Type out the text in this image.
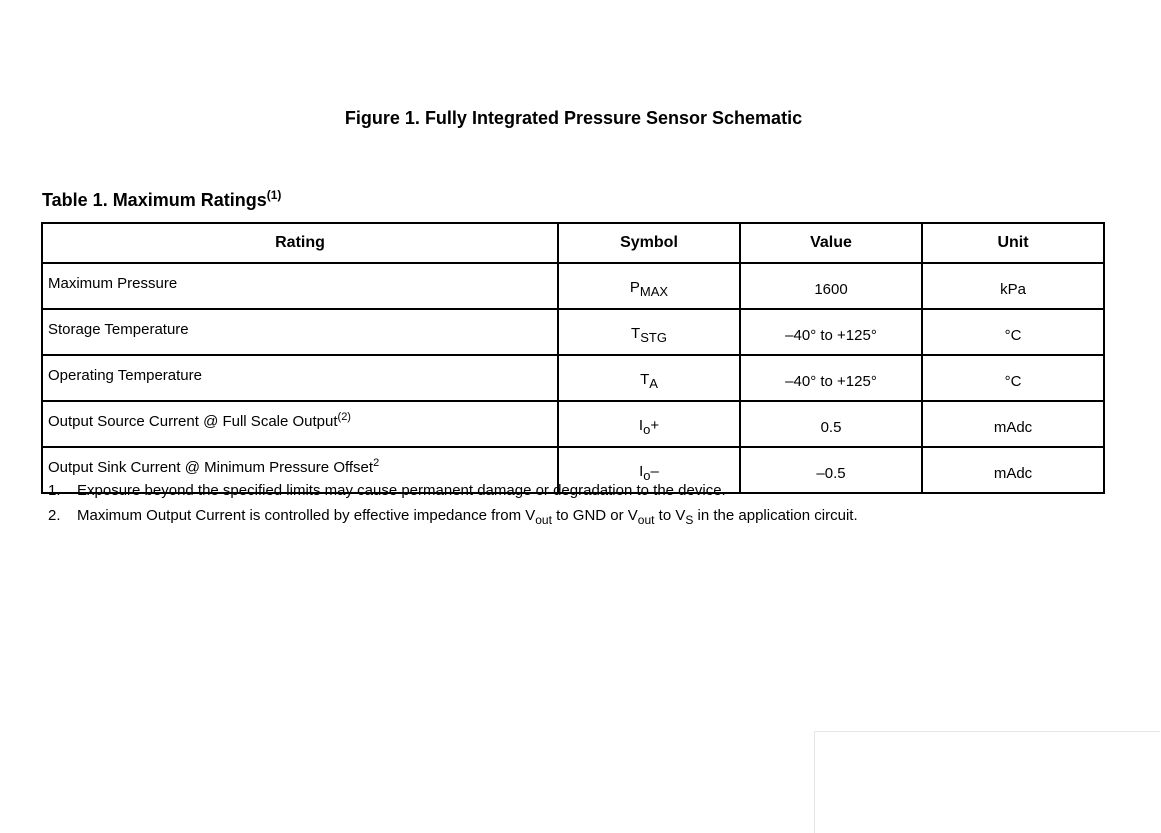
Figure 1. Fully Integrated Pressure Sensor Schematic
Table 1. Maximum Ratings$^{(1)}$
Rating	Symbol	Value	Unit
Maximum Pressure	PMAX	1600	kPa
Storage Temperature	TSTG	–40° to +125°	°C
Operating Temperature	TA	–40° to +125°	°C
Output Source Current @ Full Scale Output$^{(2)}$	Io+	0.5	mAdc
Output Sink Current @ Minimum Pressure Offset$^2$	Io–	–0.5	mAdc
1. Exposure beyond the specified limits may cause permanent damage or degradation to the device.
2. Maximum Output Current is controlled by effective impedance from $V_{out}$ to GND or $V_{out}$ to $V_S$ in the application circuit.
